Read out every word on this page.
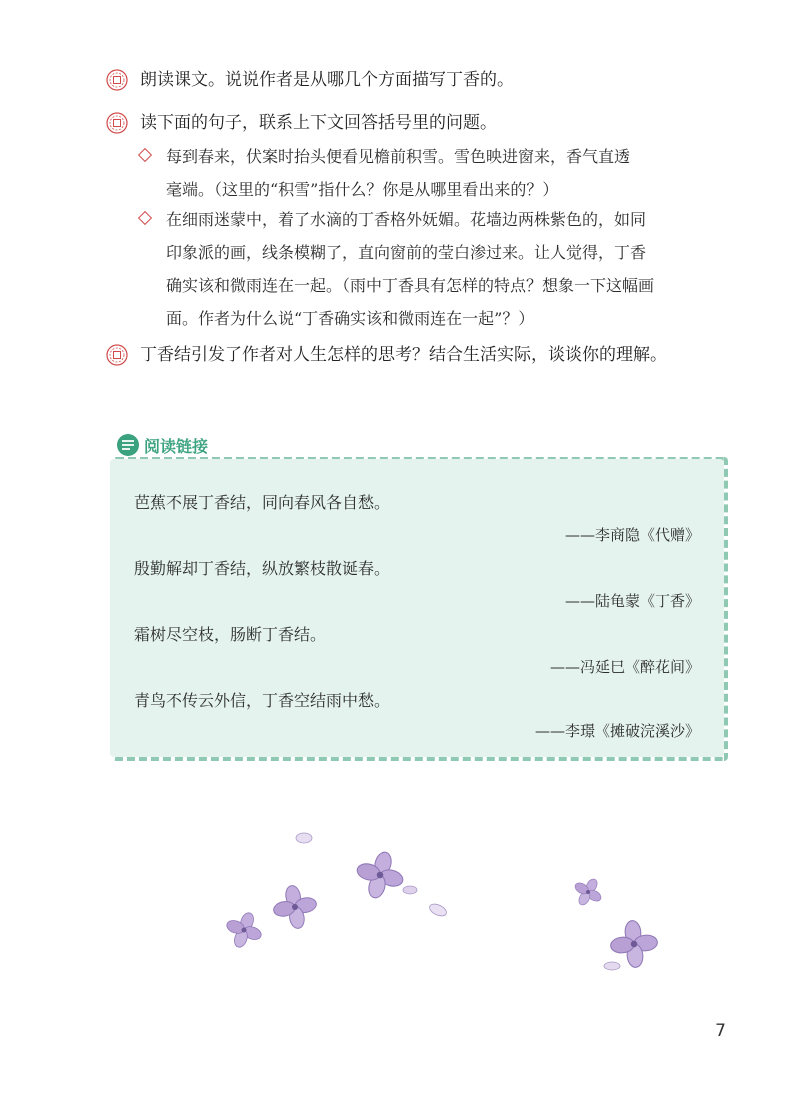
朗读课文。说说作者是从哪几个方面描写丁香的。
读下面的句子，联系上下文回答括号里的问题。
每到春来，伏案时抬头便看见檐前积雪。雪色映进窗来，香气直透
毫端。（这里的“积雪”指什么？你是从哪里看出来的？）
在细雨迷蒙中，着了水滴的丁香格外妩媚。花墙边两株紫色的，如同
印象派的画，线条模糊了，直向窗前的莹白渗过来。让人觉得，丁香
确实该和微雨连在一起。（雨中丁香具有怎样的特点？想象一下这幅画
面。作者为什么说“丁香确实该和微雨连在一起”？）
丁香结引发了作者对人生怎样的思考？结合生活实际，谈谈你的理解。
阅读链接
芭蕉不展丁香结，同向春风各自愁。
——李商隐《代赠》
殷勤解却丁香结，纵放繁枝散诞春。
——陆龟蒙《丁香》
霜树尽空枝，肠断丁香结。
——冯延巳《醉花间》
青鸟不传云外信，丁香空结雨中愁。
——李璟《摊破浣溪沙》
7
